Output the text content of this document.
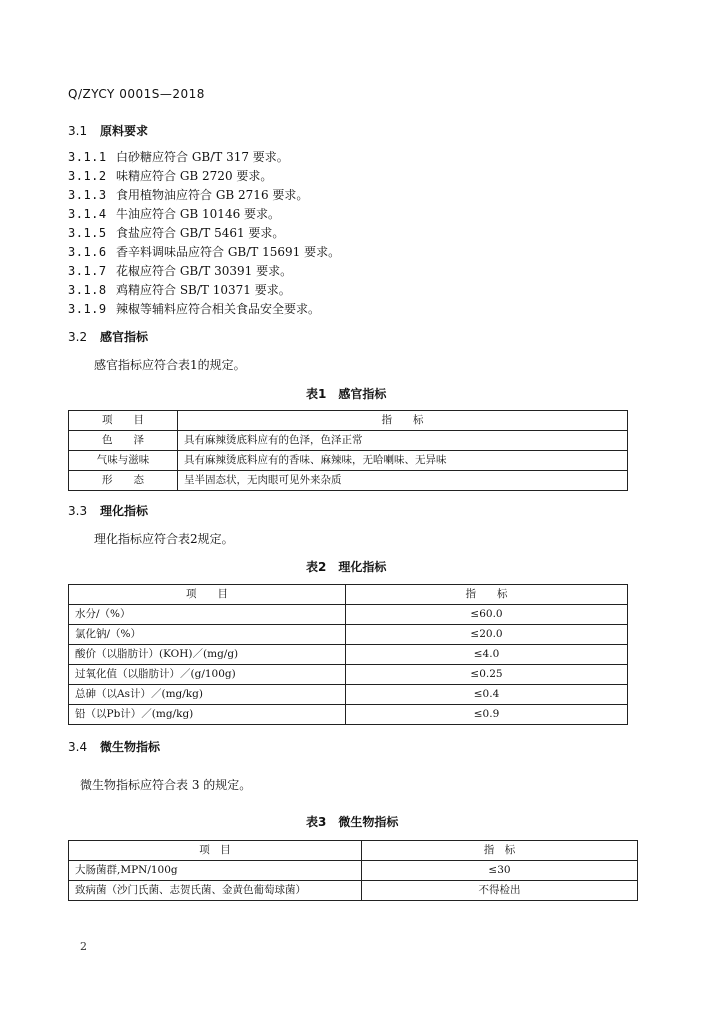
Q/ZYCY 0001S—2018
3.1 原料要求
3.1.1 白砂糖应符合 GB/T 317 要求。
3.1.2 味精应符合 GB 2720 要求。
3.1.3 食用植物油应符合 GB 2716 要求。
3.1.4 牛油应符合 GB 10146 要求。
3.1.5 食盐应符合 GB/T 5461 要求。
3.1.6 香辛料调味品应符合 GB/T 15691 要求。
3.1.7 花椒应符合 GB/T 30391 要求。
3.1.8 鸡精应符合 SB/T 10371 要求。
3.1.9 辣椒等辅料应符合相关食品安全要求。
3.2 感官指标
感官指标应符合表1的规定。
表1　感官指标
项　　目	指　　标
色　　泽	具有麻辣烫底料应有的色泽，色泽正常
气味与滋味	具有麻辣烫底料应有的香味、麻辣味，无哈喇味、无异味
形　　态	呈半固态状，无肉眼可见外来杂质
3.3 理化指标
理化指标应符合表2规定。
表2　理化指标
项　　目	指　　标
水分/（%）	≤60.0
氯化钠/（%）	≤20.0
酸价（以脂肪计）(KOH)／(mg/g)	≤4.0
过氧化值（以脂肪计）／(g/100g)	≤0.25
总砷（以As计）／(mg/kg)	≤0.4
铅（以Pb计）／(mg/kg)	≤0.9
3.4 微生物指标
微生物指标应符合表 3 的规定。
表3　微生物指标
项　目	指　标
大肠菌群,MPN/100g	≤30
致病菌（沙门氏菌、志贺氏菌、金黄色葡萄球菌）	不得检出
2
